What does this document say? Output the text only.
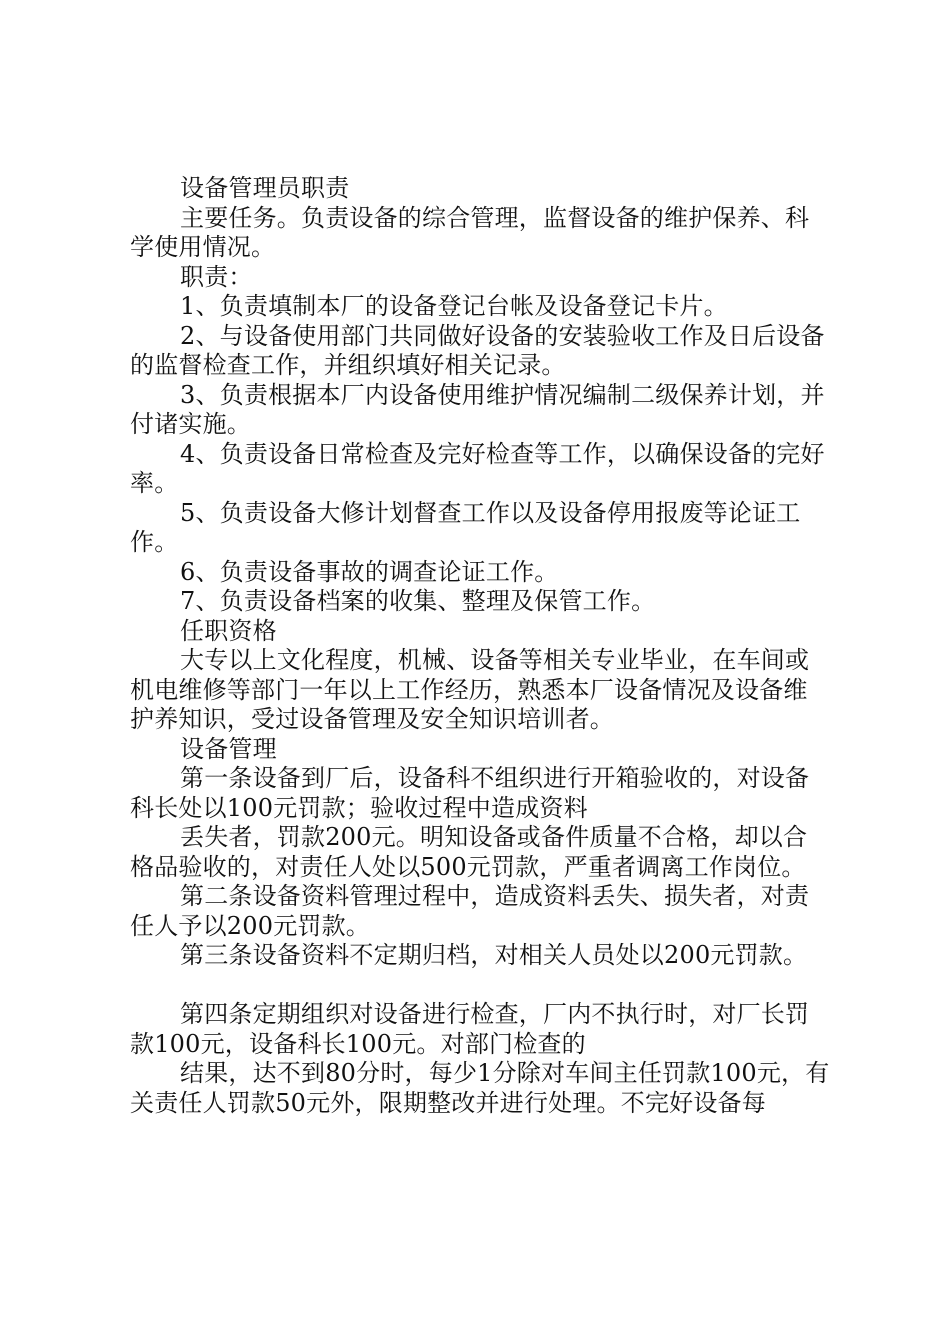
设备管理员职责

主要任务。负责设备的综合管理，监督设备的维护保养、科学使用情况。

职责：

1、负责填制本厂的设备登记台帐及设备登记卡片。

2、与设备使用部门共同做好设备的安装验收工作及日后设备的监督检查工作，并组织填好相关记录。

3、负责根据本厂内设备使用维护情况编制二级保养计划，并付诸实施。

4、负责设备日常检查及完好检查等工作，以确保设备的完好率。

5、负责设备大修计划督查工作以及设备停用报废等论证工作。

6、负责设备事故的调查论证工作。

7、负责设备档案的收集、整理及保管工作。

任职资格

大专以上文化程度，机械、设备等相关专业毕业，在车间或机电维修等部门一年以上工作经历，熟悉本厂设备情况及设备维护养知识，受过设备管理及安全知识培训者。

设备管理

第一条设备到厂后，设备科不组织进行开箱验收的，对设备科长处以100元罚款；验收过程中造成资料

丢失者，罚款200元。明知设备或备件质量不合格，却以合格品验收的，对责任人处以500元罚款，严重者调离工作岗位。

第二条设备资料管理过程中，造成资料丢失、损失者，对责任人予以200元罚款。

第三条设备资料不定期归档，对相关人员处以200元罚款。

第四条定期组织对设备进行检查，厂内不执行时，对厂长罚款100元，设备科长100元。对部门检查的

结果，达不到80分时，每少1分除对车间主任罚款100元，有关责任人罚款50元外，限期整改并进行处理。不完好设备每
